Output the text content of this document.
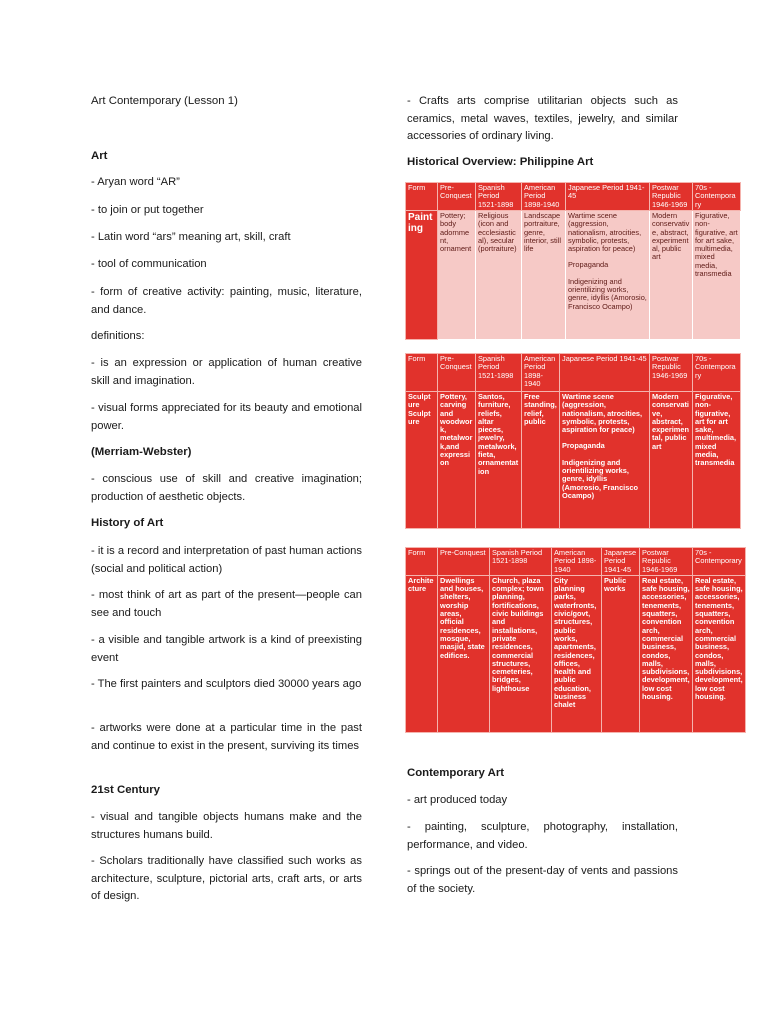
Art Contemporary (Lesson 1)

Art

- Aryan word “AR”

- to join or put together

- Latin word “ars” meaning art, skill, craft

- tool of communication

- form of creative activity: painting, music, literature, and dance.

definitions:

- is an expression or application of human creative skill and imagination.

- visual forms appreciated for its beauty and emotional power.

(Merriam-Webster)

- conscious use of skill and creative imagination; production of aesthetic objects.

History of Art

- it is a record and interpretation of past human actions (social and political action)

- most think of art as part of the present—people can see and touch

- a visible and tangible artwork is a kind of preexisting event

- The first painters and sculptors died 30000 years ago

- artworks were done at a particular time in the past and continue to exist in the present, surviving its times

21st Century

- visual and tangible objects humans make and the structures humans build.

- Scholars traditionally have classified such works as architecture, sculpture, pictorial arts, craft arts, or arts of design.

- Crafts arts comprise utilitarian objects such as ceramics, metal waves, textiles, jewelry, and similar accessories of ordinary living.

Historical Overview: Philippine Art

Form	Pre-Conquest	Spanish Period 1521-1898	American Period 1898-1940	Japanese Period 1941-45	Postwar Republic 1946-1969	70s - Contemporary
Painting	Pottery; body adornment, ornament	Religious (icon and ecclesiastical), secular (portraiture)	Landscape portraiture, genre, interior, still life	Wartime scene (aggression, nationalism, atrocities, symbolic, protests, aspiration for peace)
Propaganda
Indigenizing and orientilizing works, genre, idyllis (Amorosio, Francisco Ocampo)	Modern conservative, abstract, experimental, public art	Figurative, non-figurative, art for art sake, multimedia, mixed media, transmedia
Form	Pre-Conquest	Spanish Period 1521-1898	American Period 1898-1940	Japanese Period 1941-45	Postwar Republic 1946-1969	70s - Contemporary
Sculpture Sculpture	Pottery, carving and woodwork, metalwork,and expression	Santos, furniture, reliefs, altar pieces, jewelry, metalwork, fieta, ornamentation	Free standing, relief, public	Wartime scene (aggression, nationalism, atrocities, symbolic, protests, aspiration for peace)
Propaganda
Indigenizing and orientilizing works, genre, idyllis (Amorosio, Francisco Ocampo)	Modern conservative, abstract, experimental, public art	Figurative, non-figurative, art for art sake, multimedia, mixed media, transmedia
Form	Pre-Conquest	Spanish Period 1521-1898	American Period 1898-1940	Japanese Period 1941-45	Postwar Republic 1946-1969	70s - Contemporary
Architecture	Dwellings and houses, shelters, worship areas, official residences, mosque, masjid, state edifices.	Church, plaza complex; town planning, fortifications, civic buildings and installations, private residences, commercial structures, cemeteries, bridges, lighthouse	City planning parks, waterfronts, civic/govt, structures, public works, apartments, residences, offices, health and public education, business chalet	Public works	Real estate, safe housing, accessories, tenements, squatters, convention arch, commercial business, condos, malls, subdivisions, development, low cost housing.	Real estate, safe housing, accessories, tenements, squatters, convention arch, commercial business, condos, malls, subdivisions, development, low cost housing.

Contemporary Art

- art produced today

- painting, sculpture, photography, installation, performance, and video.

- springs out of the present-day of vents and passions of the society.
